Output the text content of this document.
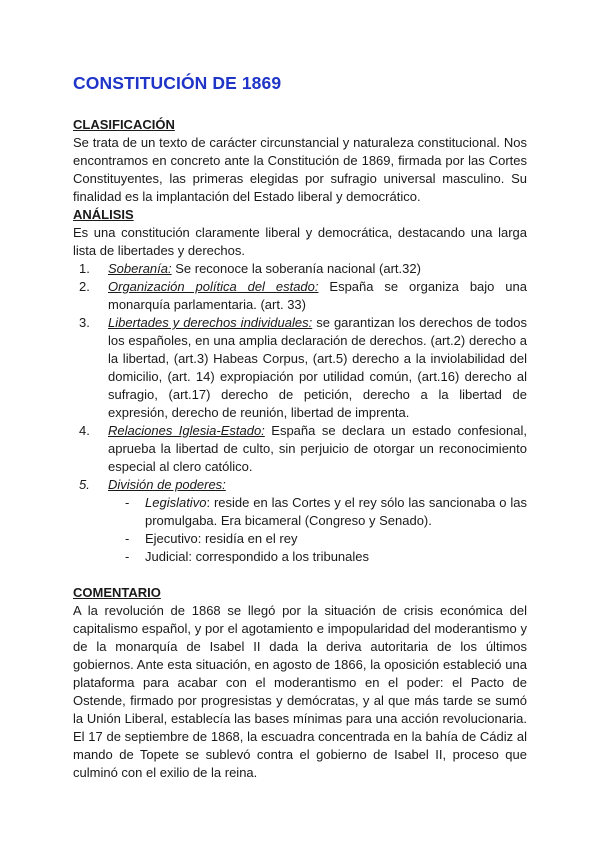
CONSTITUCIÓN DE 1869
CLASIFICACIÓN

Se trata de un texto de carácter circunstancial y naturaleza constitucional. Nos encontramos en concreto ante la Constitución de 1869, firmada por las Cortes Constituyentes, las primeras elegidas por sufragio universal masculino. Su finalidad es la implantación del Estado liberal y democrático.

ANÁLISIS

Es una constitución claramente liberal y democrática, destacando una larga lista de libertades y derechos.

1. Soberanía: Se reconoce la soberanía nacional (art.32)
2. Organización política del estado: España se organiza bajo una monarquía parlamentaria. (art. 33)
3. Libertades y derechos individuales: se garantizan los derechos de todos los españoles, en una amplia declaración de derechos. (art.2) derecho a la libertad, (art.3) Habeas Corpus, (art.5) derecho a la inviolabilidad del domicilio, (art. 14) expropiación por utilidad común, (art.16) derecho al sufragio, (art.17) derecho de petición, derecho a la libertad de expresión, derecho de reunión, libertad de imprenta.
4. Relaciones Iglesia-Estado: España se declara un estado confesional, aprueba la libertad de culto, sin perjuicio de otorgar un reconocimiento especial al clero católico.
5. División de poderes:
- Legislativo: reside en las Cortes y el rey sólo las sancionaba o las promulgaba. Era bicameral (Congreso y Senado).
- Ejecutivo: residía en el rey
- Judicial: correspondido a los tribunales
COMENTARIO

A la revolución de 1868 se llegó por la situación de crisis económica del capitalismo español, y por el agotamiento e impopularidad del moderantismo y de la monarquía de Isabel II dada la deriva autoritaria de los últimos gobiernos. Ante esta situación, en agosto de 1866, la oposición estableció una plataforma para acabar con el moderantismo en el poder: el Pacto de Ostende, firmado por progresistas y demócratas, y al que más tarde se sumó la Unión Liberal, establecía las bases mínimas para una acción revolucionaria. El 17 de septiembre de 1868, la escuadra concentrada en la bahía de Cádiz al mando de Topete se sublevó contra el gobierno de Isabel II, proceso que culminó con el exilio de la reina.
